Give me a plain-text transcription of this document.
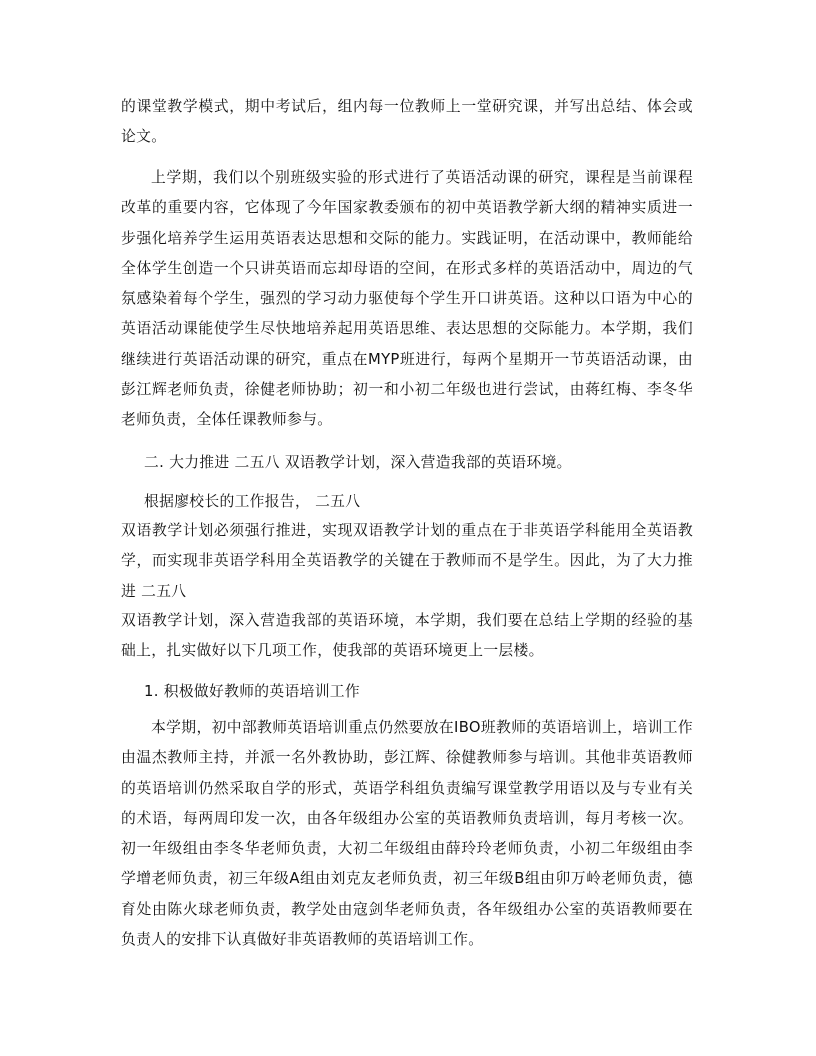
的课堂教学模式，期中考试后，组内每一位教师上一堂研究课，并写出总结、体会或论文。

上学期，我们以个别班级实验的形式进行了英语活动课的研究，课程是当前课程改革的重要内容，它体现了今年国家教委颁布的初中英语教学新大纲的精神实质进一步强化培养学生运用英语表达思想和交际的能力。实践证明，在活动课中，教师能给全体学生创造一个只讲英语而忘却母语的空间，在形式多样的英语活动中，周边的气氛感染着每个学生，强烈的学习动力驱使每个学生开口讲英语。这种以口语为中心的英语活动课能使学生尽快地培养起用英语思维、表达思想的交际能力。本学期，我们继续进行英语活动课的研究，重点在MYP班进行，每两个星期开一节英语活动课，由彭江辉老师负责，徐健老师协助；初一和小初二年级也进行尝试，由蒋红梅、李冬华老师负责，全体任课教师参与。

二. 大力推进 二五八 双语教学计划，深入营造我部的英语环境。

根据廖校长的工作报告， 二五八

双语教学计划必须强行推进，实现双语教学计划的重点在于非英语学科能用全英语教学，而实现非英语学科用全英语教学的关键在于教师而不是学生。因此，为了大力推进 二五八

双语教学计划，深入营造我部的英语环境，本学期，我们要在总结上学期的经验的基础上，扎实做好以下几项工作，使我部的英语环境更上一层楼。

1. 积极做好教师的英语培训工作

本学期，初中部教师英语培训重点仍然要放在IBO班教师的英语培训上，培训工作由温杰教师主持，并派一名外教协助，彭江辉、徐健教师参与培训。其他非英语教师的英语培训仍然采取自学的形式，英语学科组负责编写课堂教学用语以及与专业有关的术语，每两周印发一次，由各年级组办公室的英语教师负责培训，每月考核一次。初一年级组由李冬华老师负责，大初二年级组由薛玲玲老师负责，小初二年级组由李学增老师负责，初三年级A组由刘克友老师负责，初三年级B组由卯万岭老师负责，德育处由陈火球老师负责，教学处由寇剑华老师负责，各年级组办公室的英语教师要在负责人的安排下认真做好非英语教师的英语培训工作。
